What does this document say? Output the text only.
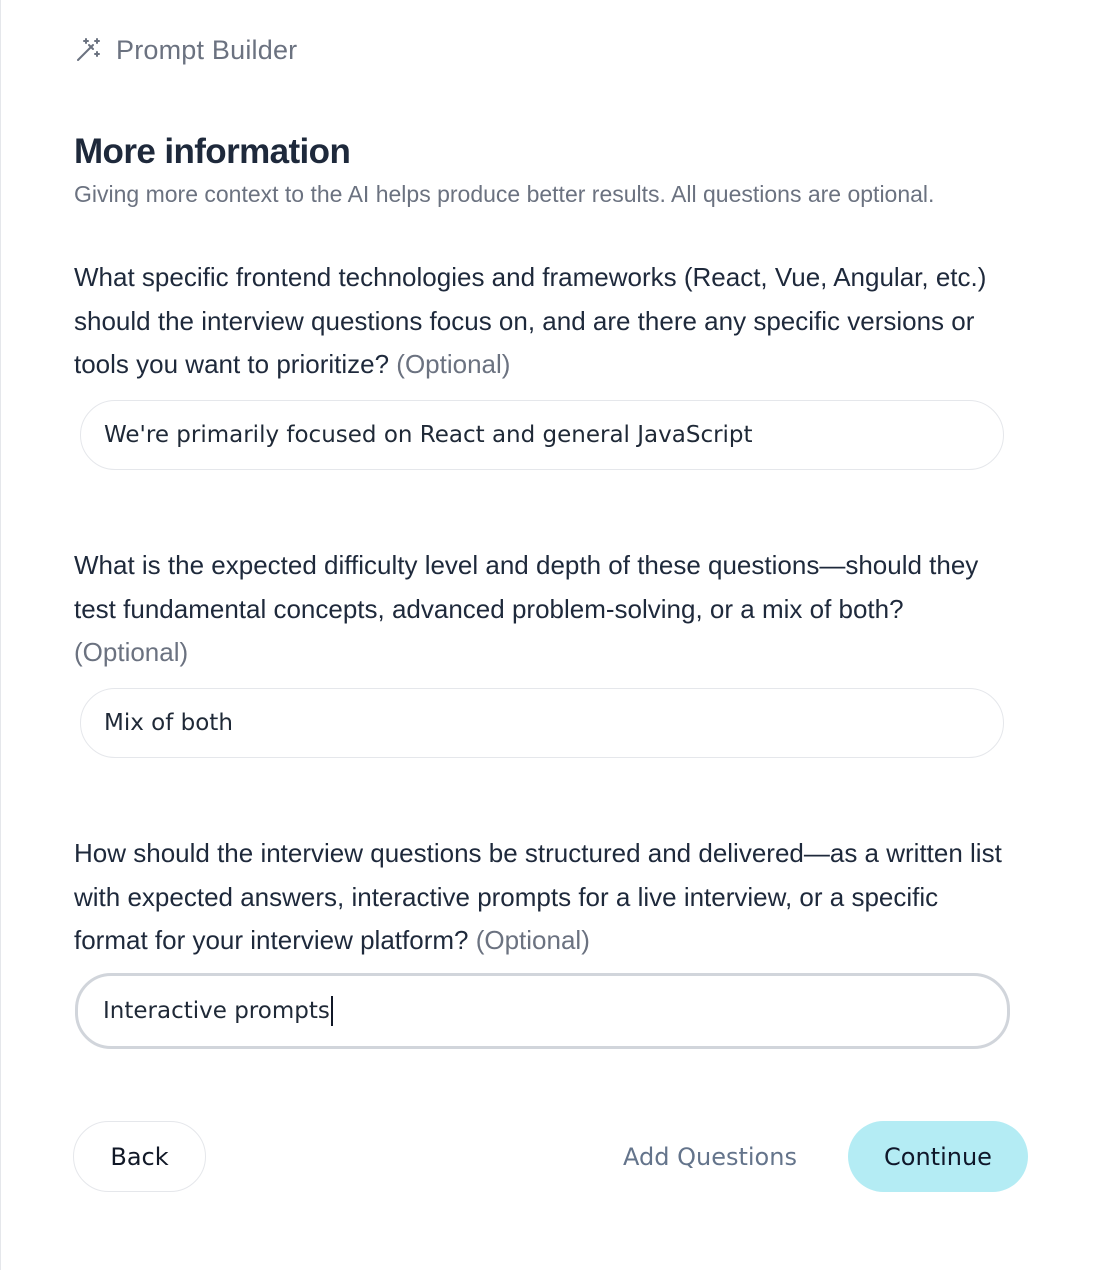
Prompt Builder
More information
Giving more context to the AI helps produce better results. All questions are optional.
What specific frontend technologies and frameworks (React, Vue, Angular, etc.) should the interview questions focus on, and are there any specific versions or tools you want to prioritize? (Optional)
We're primarily focused on React and general JavaScript
What is the expected difficulty level and depth of these questions—should they test fundamental concepts, advanced problem-solving, or a mix of both? (Optional)
Mix of both
How should the interview questions be structured and delivered—as a written list with expected answers, interactive prompts for a live interview, or a specific format for your interview platform? (Optional)
Interactive prompts
Back	Add Questions	Continue
